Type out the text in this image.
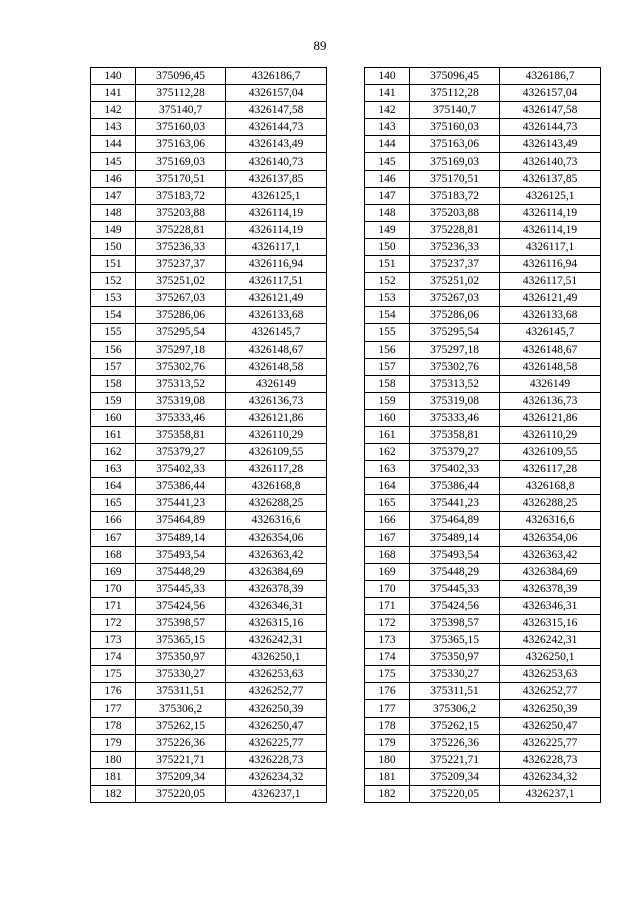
89
140	375096,45	4326186,7
141	375112,28	4326157,04
142	375140,7	4326147,58
143	375160,03	4326144,73
144	375163,06	4326143,49
145	375169,03	4326140,73
146	375170,51	4326137,85
147	375183,72	4326125,1
148	375203,88	4326114,19
149	375228,81	4326114,19
150	375236,33	4326117,1
151	375237,37	4326116,94
152	375251,02	4326117,51
153	375267,03	4326121,49
154	375286,06	4326133,68
155	375295,54	4326145,7
156	375297,18	4326148,67
157	375302,76	4326148,58
158	375313,52	4326149
159	375319,08	4326136,73
160	375333,46	4326121,86
161	375358,81	4326110,29
162	375379,27	4326109,55
163	375402,33	4326117,28
164	375386,44	4326168,8
165	375441,23	4326288,25
166	375464,89	4326316,6
167	375489,14	4326354,06
168	375493,54	4326363,42
169	375448,29	4326384,69
170	375445,33	4326378,39
171	375424,56	4326346,31
172	375398,57	4326315,16
173	375365,15	4326242,31
174	375350,97	4326250,1
175	375330,27	4326253,63
176	375311,51	4326252,77
177	375306,2	4326250,39
178	375262,15	4326250,47
179	375226,36	4326225,77
180	375221,71	4326228,73
181	375209,34	4326234,32
182	375220,05	4326237,1
140	375096,45	4326186,7
141	375112,28	4326157,04
142	375140,7	4326147,58
143	375160,03	4326144,73
144	375163,06	4326143,49
145	375169,03	4326140,73
146	375170,51	4326137,85
147	375183,72	4326125,1
148	375203,88	4326114,19
149	375228,81	4326114,19
150	375236,33	4326117,1
151	375237,37	4326116,94
152	375251,02	4326117,51
153	375267,03	4326121,49
154	375286,06	4326133,68
155	375295,54	4326145,7
156	375297,18	4326148,67
157	375302,76	4326148,58
158	375313,52	4326149
159	375319,08	4326136,73
160	375333,46	4326121,86
161	375358,81	4326110,29
162	375379,27	4326109,55
163	375402,33	4326117,28
164	375386,44	4326168,8
165	375441,23	4326288,25
166	375464,89	4326316,6
167	375489,14	4326354,06
168	375493,54	4326363,42
169	375448,29	4326384,69
170	375445,33	4326378,39
171	375424,56	4326346,31
172	375398,57	4326315,16
173	375365,15	4326242,31
174	375350,97	4326250,1
175	375330,27	4326253,63
176	375311,51	4326252,77
177	375306,2	4326250,39
178	375262,15	4326250,47
179	375226,36	4326225,77
180	375221,71	4326228,73
181	375209,34	4326234,32
182	375220,05	4326237,1
